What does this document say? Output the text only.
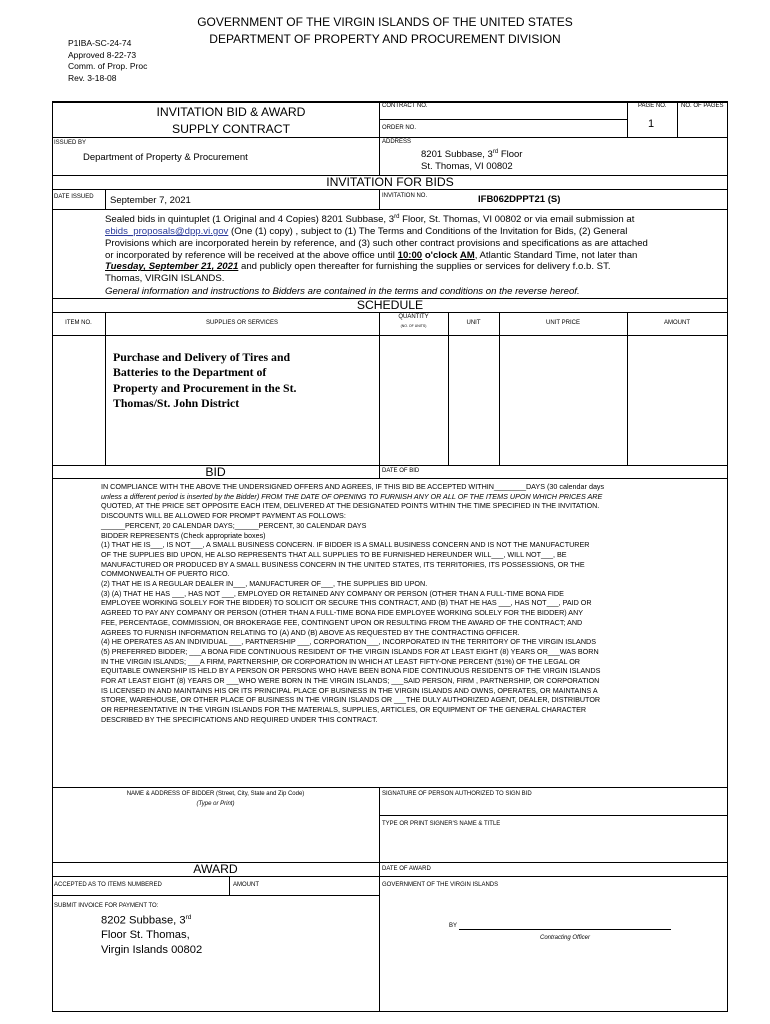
P1IBA-SC-24-74
Approved 8-22-73
Comm. of Prop. Proc
Rev. 3-18-08
GOVERNMENT OF THE VIRGIN ISLANDS OF THE UNITED STATES
DEPARTMENT OF PROPERTY AND PROCUREMENT DIVISION
INVITATION BID & AWARD
SUPPLY CONTRACT
CONTRACT NO.
ORDER NO.
PAGE NO.
1
NO. OF PAGES
ISSUED BY
Department of Property & Procurement
ADDRESS
8201 Subbase, 3rd Floor
St. Thomas, VI 00802
INVITATION FOR BIDS
DATE ISSUED September 7, 2021	INVITATION NO.	IFB062DPPT21 (S)
Sealed bids in quintuplet (1 Original and 4 Copies) 8201 Subbase, 3rd Floor, St. Thomas, VI 00802 or via email submission at
ebids_proposals@dpp.vi.gov (One (1) copy) , subject to (1) The Terms and Conditions of the Invitation for Bids, (2) General
Provisions which are incorporated herein by reference, and (3) such other contract provisions and specifications as are attached
or incorporated by reference will be received at the above office until 10:00 o'clock AM, Atlantic Standard Time, not later than
Tuesday, September 21, 2021 and publicly open thereafter for furnishing the supplies or services for delivery f.o.b. ST.
Thomas, VIRGIN ISLANDS.
General information and instructions to Bidders are contained in the terms and conditions on the reverse hereof.
SCHEDULE
ITEM NO.	SUPPLIES OR SERVICES
QUANTITY
(NO. OF UNITS)	UNIT	UNIT PRICE	AMOUNT
Purchase and Delivery of Tires and
Batteries to the Department of
Property and Procurement in the St.
Thomas/St. John District
BID	DATE OF BID
IN COMPLIANCE WITH THE ABOVE THE UNDERSIGNED OFFERS AND AGREES, IF THIS BID BE ACCEPTED WITHIN________DAYS (30 calendar days
unless a different period is inserted by the Bidder) FROM THE DATE OF OPENING TO FURNISH ANY OR ALL OF THE ITEMS UPON WHICH PRICES ARE
QUOTED, AT THE PRICE SET OPPOSITE EACH ITEM, DELIVERED AT THE DESIGNATED POINTS WITHIN THE TIME SPECIFIED IN THE INVITATION.
DISCOUNTS WILL BE ALLOWED FOR PROMPT PAYMENT AS FOLLOWS:
______PERCENT, 20 CALENDAR DAYS;______PERCENT, 30 CALENDAR DAYS
BIDDER REPRESENTS (Check appropriate boxes)
(1) THAT HE IS___, IS NOT___, A SMALL BUSINESS CONCERN. IF BIDDER IS A SMALL BUSINESS CONCERN AND IS NOT THE MANUFACTURER
OF THE SUPPLIES BID UPON, HE ALSO REPRESENTS THAT ALL SUPPLIES TO BE FURNISHED HEREUNDER WILL___, WILL NOT___, BE
MANUFACTURED OR PRODUCED BY A SMALL BUSINESS CONCERN IN THE UNITED STATES, ITS TERRITORIES, ITS POSSESSIONS, OR THE
COMMONWEALTH OF PUERTO RICO.
(2) THAT HE IS A REGULAR DEALER IN___, MANUFACTURER OF___, THE SUPPLIES BID UPON.
(3) (A) THAT HE HAS ___, HAS NOT ___, EMPLOYED OR RETAINED ANY COMPANY OR PERSON (OTHER THAN A FULL-TIME BONA FIDE
EMPLOYEE WORKING SOLELY FOR THE BIDDER) TO SOLICIT OR SECURE THIS CONTRACT, AND (B) THAT HE HAS ___, HAS NOT___, PAID OR
AGREED TO PAY ANY COMPANY OR PERSON (OTHER THAN A FULL-TIME BONA FIDE EMPLOYEE WORKING SOLELY FOR THE BIDDER) ANY
FEE, PERCENTAGE, COMMISSION, OR BROKERAGE FEE, CONTINGENT UPON OR RESULTING FROM THE AWARD OF THE CONTRACT; AND
AGREES TO FURNISH INFORMATION RELATING TO (A) AND (B) ABOVE AS REQUESTED BY THE CONTRACTING OFFICER.
(4) HE OPERATES AS AN INDIVIDUAL ___, PARTNERSHIP ___, CORPORATION___, INCORPORATED IN THE TERRITORY OF THE VIRGIN ISLANDS
(5) PREFERRED BIDDER; ___A BONA FIDE CONTINUOUS RESIDENT OF THE VIRGIN ISLANDS FOR AT LEAST EIGHT (8) YEARS OR___WAS BORN
IN THE VIRGIN ISLANDS; ___A FIRM, PARTNERSHIP, OR CORPORATION IN WHICH AT LEAST FIFTY-ONE PERCENT (51%) OF THE LEGAL OR
EQUITABLE OWNERSHIP IS HELD BY A PERSON OR PERSONS WHO HAVE BEEN BONA FIDE CONTINUOUS RESIDENTS OF THE VIRGIN ISLANDS
FOR AT LEAST EIGHT (8) YEARS OR ___WHO WERE BORN IN THE VIRGIN ISLANDS; ___SAID PERSON, FIRM , PARTNERSHIP, OR CORPORATION
IS LICENSED IN AND MAINTAINS HIS OR ITS PRINCIPAL PLACE OF BUSINESS IN THE VIRGIN ISLANDS AND OWNS, OPERATES, OR MAINTAINS A
STORE, WAREHOUSE, OR OTHER PLACE OF BUSINESS IN THE VIRGIN ISLANDS OR ___THE DULY AUTHORIZED AGENT, DEALER, DISTRIBUTOR
OR REPRESENTATIVE IN THE VIRGIN ISLANDS FOR THE MATERIALS, SUPPLIES, ARTICLES, OR EQUIPMENT OF THE GENERAL CHARACTER
DESCRIBED BY THE SPECIFICATIONS AND REQUIRED UNDER THIS CONTRACT.
NAME & ADDRESS OF BIDDER (Street, City, State and Zip Code)
(Type or Print)
SIGNATURE OF PERSON AUTHORIZED TO SIGN BID
TYPE OR PRINT SIGNER'S NAME & TITLE
AWARD	DATE OF AWARD
ACCEPTED AS TO ITEMS NUMBERED	AMOUNT	GOVERNMENT OF THE VIRGIN ISLANDS
SUBMIT INVOICE FOR PAYMENT TO:
8202 Subbase, 3rd
Floor St. Thomas,
Virgin Islands 00802
BY
Contracting Officer
